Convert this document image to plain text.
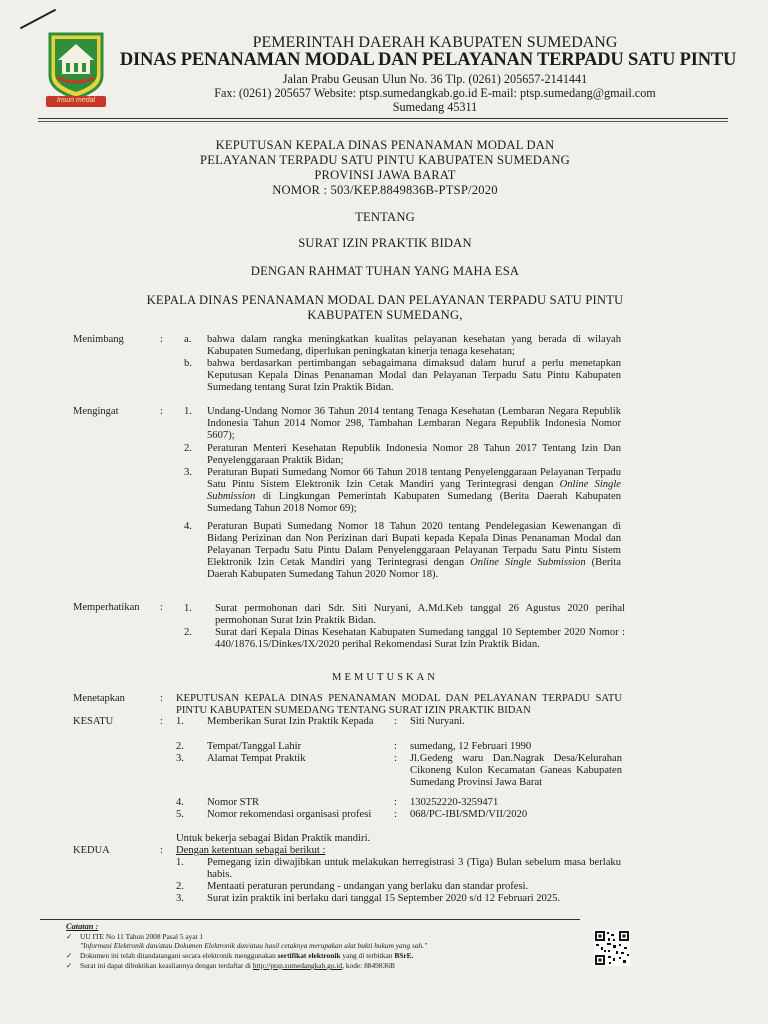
Insun medal
PEMERINTAH DAERAH KABUPATEN SUMEDANG
DINAS PENANAMAN MODAL DAN PELAYANAN TERPADU SATU PINTU
Jalan Prabu Geusan Ulun No. 36 Tlp. (0261) 205657-2141441
Fax: (0261) 205657 Website: ptsp.sumedangkab.go.id E-mail: ptsp.sumedang@gmail.com
Sumedang 45311
KEPUTUSAN KEPALA DINAS PENANAMAN MODAL DAN
PELAYANAN TERPADU SATU PINTU KABUPATEN SUMEDANG
PROVINSI JAWA BARAT
NOMOR : 503/KEP.8849836B-PTSP/2020
TENTANG
SURAT IZIN PRAKTIK BIDAN
DENGAN RAHMAT TUHAN YANG MAHA ESA
KEPALA DINAS PENANAMAN MODAL DAN PELAYANAN TERPADU SATU PINTU
KABUPATEN SUMEDANG,
Menimbang	: a. bahwa dalam rangka meningkatkan kualitas pelayanan kesehatan yang berada di wilayah Kabupaten Sumedang, diperlukan peningkatan kinerja tenaga kesehatan;
b. bahwa berdasarkan pertimbangan sebagaimana dimaksud dalam huruf a perlu menetapkan Keputusan Kepala Dinas Penanaman Modal dan Pelayanan Terpadu Satu Pintu Kabupaten Sumedang tentang Surat Izin Praktik Bidan.
Mengingat	: 1. Undang-Undang Nomor 36 Tahun 2014 tentang Tenaga Kesehatan (Lembaran Negara Republik Indonesia Tahun 2014 Nomor 298, Tambahan Lembaran Negara Republik Indonesia Nomor 5607);
2. Peraturan Menteri Kesehatan Republik Indonesia Nomor 28 Tahun 2017 Tentang Izin Dan Penyelenggaraan Praktik Bidan;
3. Peraturan Bupati Sumedang Nomor 66 Tahun 2018 tentang Penyelenggaraan Pelayanan Terpadu Satu Pintu Sistem Elektronik Izin Cetak Mandiri yang Terintegrasi dengan Online Single Submission di Lingkungan Pemerintah Kabupaten Sumedang (Berita Daerah Kabupaten Sumedang Tahun 2018 Nomor 69);
4. Peraturan Bupati Sumedang Nomor 18 Tahun 2020 tentang Pendelegasian Kewenangan di Bidang Perizinan dan Non Perizinan dari Bupati kepada Kepala Dinas Penanaman Modal dan Pelayanan Terpadu Satu Pintu Dalam Penyelenggaraan Pelayanan Terpadu Satu Pintu Sistem Elektronik Izin Cetak Mandiri yang Terintegrasi dengan Online Single Submission (Berita Daerah Kabupaten Sumedang Tahun 2020 Nomor 18).
Memperhatikan : 1. Surat permohonan dari Sdr. Siti Nuryani, A.Md.Keb tanggal 26 Agustus 2020 perihal permohonan Surat Izin Praktik Bidan.
2. Surat dari Kepala Dinas Kesehatan Kabupaten Sumedang tanggal 10 September 2020 Nomor : 440/1876.15/Dinkes/IX/2020 perihal Rekomendasi Surat Izin Praktik Bidan.
MEMUTUSKAN
Menetapkan	: KEPUTUSAN KEPALA DINAS PENANAMAN MODAL DAN PELAYANAN TERPADU SATU PINTU KABUPATEN SUMEDANG TENTANG SURAT IZIN PRAKTIK BIDAN
KESATU	: 1. Memberikan Surat Izin Praktik Kepada	: Siti Nuryani.
2. Tempat/Tanggal Lahir	: sumedang, 12 Februari 1990
3. Alamat Tempat Praktik	: Jl.Gedeng waru Dan.Nagrak Desa/Kelurahan Cikoneng Kulon Kecamatan Ganeas Kabupaten Sumedang Provinsi Jawa Barat
4. Nomor STR	: 130252220-3259471
5. Nomor rekomendasi organisasi profesi	: 068/PC-IBI/SMD/VII/2020
Untuk bekerja sebagai Bidan Praktik mandiri.
KEDUA	: Dengan ketentuan sebagai berikut :
1. Pemegang izin diwajibkan untuk melakukan herregistrasi 3 (Tiga) Bulan sebelum masa berlaku habis.
2. Mentaati peraturan perundang - undangan yang berlaku dan standar profesi.
3. Surat izin praktik ini berlaku dari tanggal 15 September 2020 s/d 12 Februari 2025.
Catatan :
✓ UU ITE No 11 Tahun 2008 Pasal 5 ayat 1
"Informasi Elektronik dan/atau Dokumen Elektronik dan/atau hasil cetaknya merupakan alat bukti hukum yang sah."
✓ Dokumen ini telah ditandatangani secara elektronik menggunakan sertifikat elektronik yang di terbitkan BSrE.
✓ Surat ini dapat dibuktikan keasliannya dengan terdaftar di http://ptsp.sumedangkab.go.id, kode: 8849836B
